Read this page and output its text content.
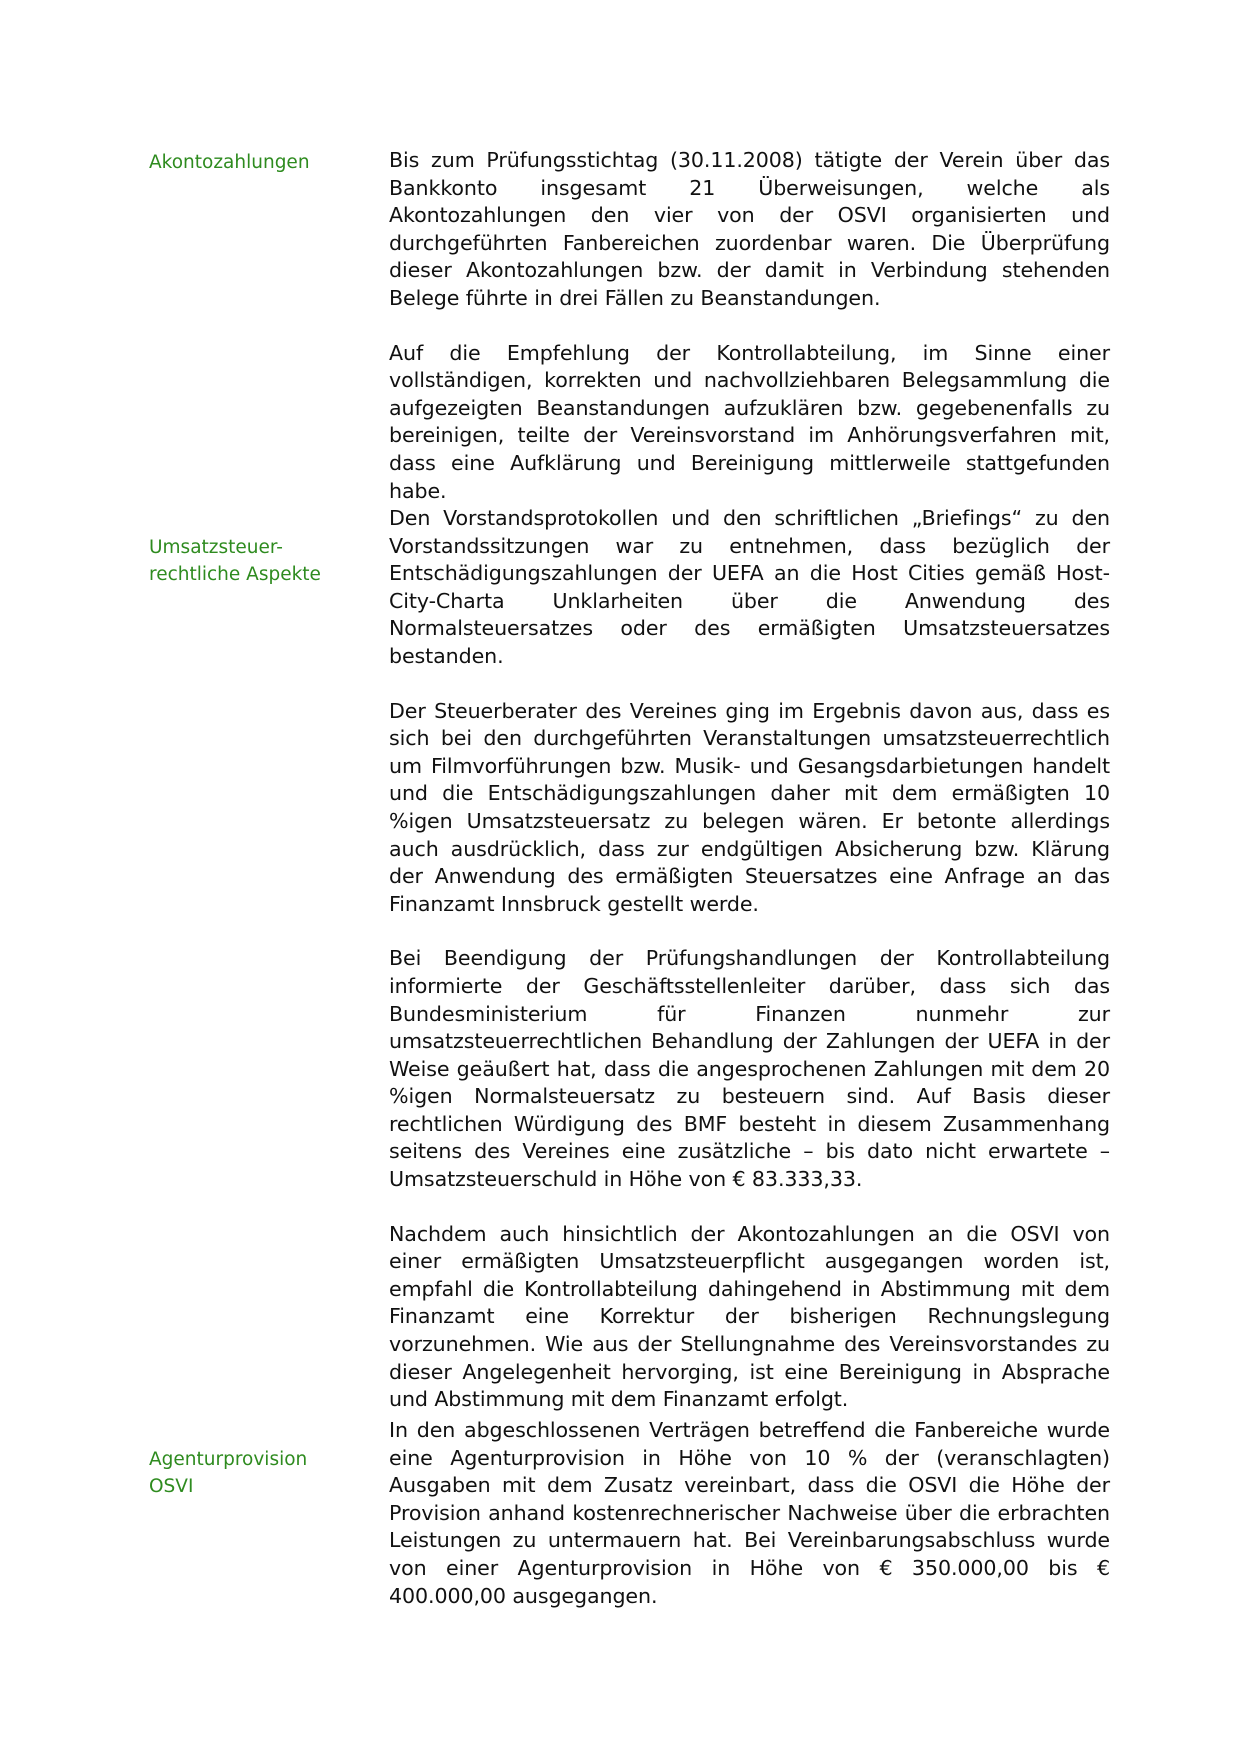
Akontozahlungen	Bis zum Prüfungsstichtag (30.11.2008) tätigte der Verein über das Bankkonto insgesamt 21 Überweisungen, welche als Akontozahlungen den vier von der OSVI organisierten und durchgeführten Fanbereichen zuordenbar waren. Die Überprüfung dieser Akontozahlungen bzw. der damit in Verbindung stehenden Belege führte in drei Fällen zu Beanstandungen.

Auf die Empfehlung der Kontrollabteilung, im Sinne einer vollständigen, korrekten und nachvollziehbaren Belegsammlung die aufgezeigten Beanstandungen aufzuklären bzw. gegebenenfalls zu bereinigen, teilte der Vereinsvorstand im Anhörungsverfahren mit, dass eine Aufklärung und Bereinigung mittlerweile stattgefunden habe.

Umsatzsteuer-
rechtliche Aspekte

Den Vorstandsprotokollen und den schriftlichen „Briefings“ zu den Vorstandssitzungen war zu entnehmen, dass bezüglich der Entschädigungszahlungen der UEFA an die Host Cities gemäß Host-City-Charta Unklarheiten über die Anwendung des Normalsteuersatzes oder des ermäßigten Umsatzsteuersatzes bestanden.

Der Steuerberater des Vereines ging im Ergebnis davon aus, dass es sich bei den durchgeführten Veranstaltungen umsatzsteuerrechtlich um Filmvorführungen bzw. Musik- und Gesangsdarbietungen handelt und die Entschädigungszahlungen daher mit dem ermäßigten 10 %igen Umsatzsteuersatz zu belegen wären. Er betonte allerdings auch ausdrücklich, dass zur endgültigen Absicherung bzw. Klärung der Anwendung des ermäßigten Steuersatzes eine Anfrage an das Finanzamt Innsbruck gestellt werde.

Bei Beendigung der Prüfungshandlungen der Kontrollabteilung informierte der Geschäftsstellenleiter darüber, dass sich das Bundesministerium für Finanzen nunmehr zur umsatzsteuerrechtlichen Behandlung der Zahlungen der UEFA in der Weise geäußert hat, dass die angesprochenen Zahlungen mit dem 20 %igen Normalsteuersatz zu besteuern sind. Auf Basis dieser rechtlichen Würdigung des BMF besteht in diesem Zusammenhang seitens des Vereines eine zusätzliche – bis dato nicht erwartete – Umsatzsteuerschuld in Höhe von € 83.333,33.

Nachdem auch hinsichtlich der Akontozahlungen an die OSVI von einer ermäßigten Umsatzsteuerpflicht ausgegangen worden ist, empfahl die Kontrollabteilung dahingehend in Abstimmung mit dem Finanzamt eine Korrektur der bisherigen Rechnungslegung vorzunehmen. Wie aus der Stellungnahme des Vereinsvorstandes zu dieser Angelegenheit hervorging, ist eine Bereinigung in Absprache und Abstimmung mit dem Finanzamt erfolgt.

Agenturprovision
OSVI

In den abgeschlossenen Verträgen betreffend die Fanbereiche wurde eine Agenturprovision in Höhe von 10 % der (veranschlagten) Ausgaben mit dem Zusatz vereinbart, dass die OSVI die Höhe der Provision anhand kostenrechnerischer Nachweise über die erbrachten Leistungen zu untermauern hat. Bei Vereinbarungsabschluss wurde von einer Agenturprovision in Höhe von € 350.000,00 bis € 400.000,00 ausgegangen.
